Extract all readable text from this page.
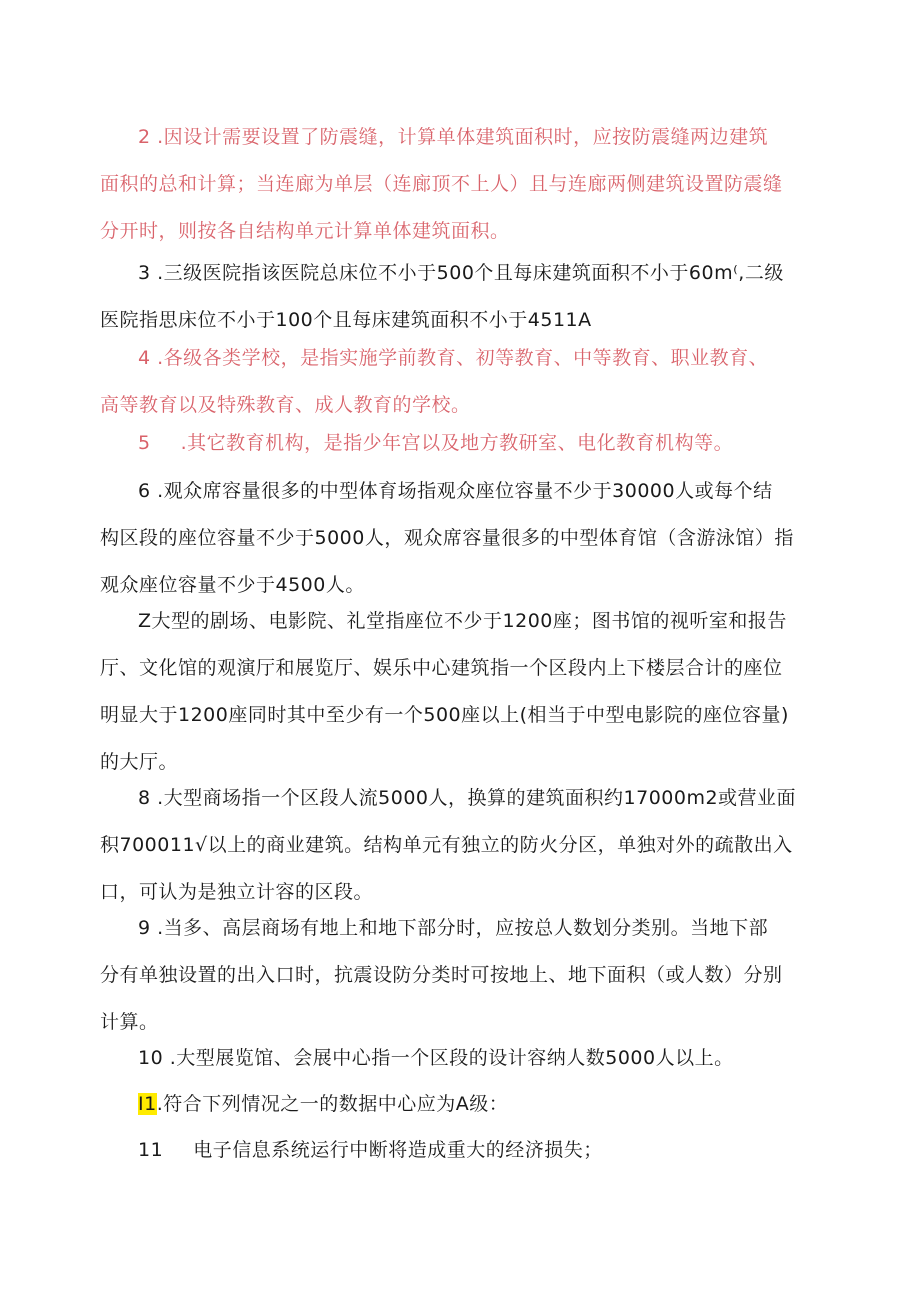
2 .因设计需要设置了防震缝，计算单体建筑面积时，应按防震缝两边建筑
面积的总和计算；当连廊为单层（连廊顶不上人）且与连廊两侧建筑设置防震缝
分开时，则按各自结构单元计算单体建筑面积。
3 .三级医院指该医院总床位不小于500个且每床建筑面积不小于60m⁽,二级
医院指思床位不小于100个且每床建筑面积不小于4511A
4 .各级各类学校，是指实施学前教育、初等教育、中等教育、职业教育、
高等教育以及特殊教育、成人教育的学校。
5 .其它教育机构，是指少年宫以及地方教研室、电化教育机构等。
6 .观众席容量很多的中型体育场指观众座位容量不少于30000人或每个结
构区段的座位容量不少于5000人，观众席容量很多的中型体育馆（含游泳馆）指
观众座位容量不少于4500人。
Z大型的剧场、电影院、礼堂指座位不少于1200座；图书馆的视听室和报告
厅、文化馆的观演厅和展览厅、娱乐中心建筑指一个区段内上下楼层合计的座位
明显大于1200座同时其中至少有一个500座以上(相当于中型电影院的座位容量)
的大厅。
8 .大型商场指一个区段人流5000人，换算的建筑面积约17000m2或营业面
积700011√以上的商业建筑。结构单元有独立的防火分区，单独对外的疏散出入
口，可认为是独立计容的区段。
9 .当多、高层商场有地上和地下部分时，应按总人数划分类别。当地下部
分有单独设置的出入口时，抗震设防分类时可按地上、地下面积（或人数）分别
计算。
10 .大型展览馆、会展中心指一个区段的设计容纳人数5000人以上。
I1.符合下列情况之一的数据中心应为A级：
11 电子信息系统运行中断将造成重大的经济损失；
